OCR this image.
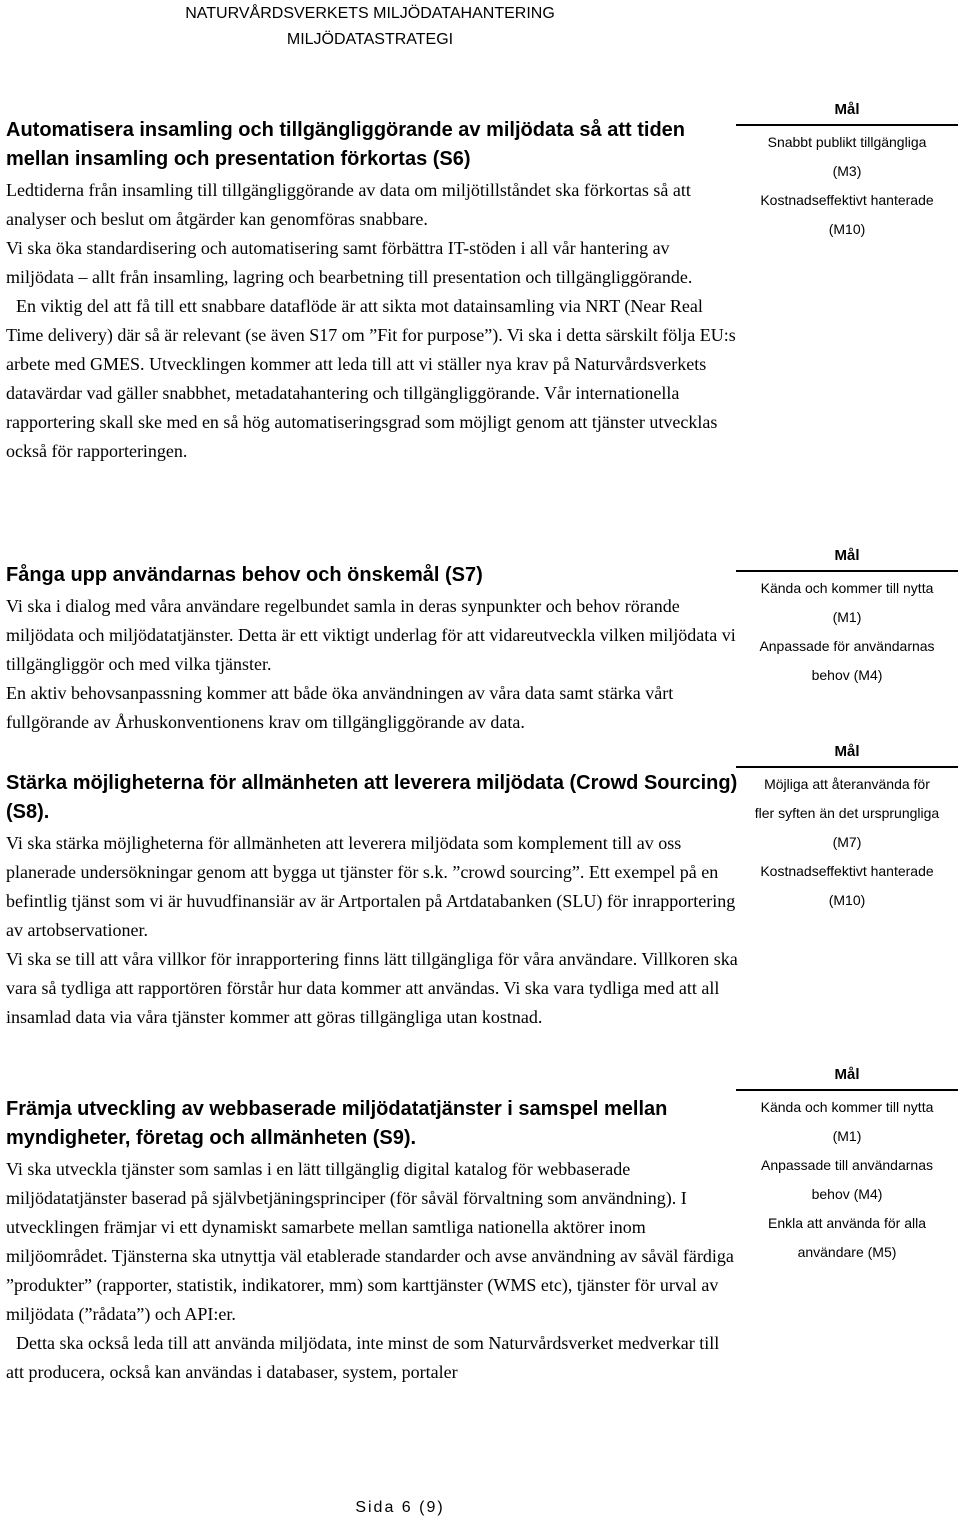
NATURVÅRDSVERKETS MILJÖDATAHANTERING
MILJÖDATASTRATEGI
Automatisera insamling och tillgängliggörande av miljödata så att tiden mellan insamling och presentation förkortas (S6)

Ledtiderna från insamling till tillgängliggörande av data om miljötillståndet ska förkortas så att analyser och beslut om åtgärder kan genomföras snabbare.

Vi ska öka standardisering och automatisering samt förbättra IT-stöden i all vår hantering av miljödata – allt från insamling, lagring och bearbetning till presentation och tillgängliggörande.

En viktig del att få till ett snabbare dataflöde är att sikta mot datainsamling via NRT (Near Real Time delivery) där så är relevant (se även S17 om ”Fit for purpose”). Vi ska i detta särskilt följa EU:s arbete med GMES. Utvecklingen kommer att leda till att vi ställer nya krav på Naturvårdsverkets datavärdar vad gäller snabbhet, metadatahantering och tillgängliggörande. Vår internationella rapportering skall ske med en så hög automatiseringsgrad som möjligt genom att tjänster utvecklas också för rapporteringen.

Fånga upp användarnas behov och önskemål (S7)

Vi ska i dialog med våra användare regelbundet samla in deras synpunkter och behov rörande miljödata och miljödatatjänster. Detta är ett viktigt underlag för att vidareutveckla vilken miljödata vi tillgängliggör och med vilka tjänster.

En aktiv behovsanpassning kommer att både öka användningen av våra data samt stärka vårt fullgörande av Århuskonventionens krav om tillgängliggörande av data.

Stärka möjligheterna för allmänheten att leverera miljödata (Crowd Sourcing) (S8).

Vi ska stärka möjligheterna för allmänheten att leverera miljödata som komplement till av oss planerade undersökningar genom att bygga ut tjänster för s.k. ”crowd sourcing”. Ett exempel på en befintlig tjänst som vi är huvudfinansiär av är Artportalen på Artdatabanken (SLU) för inrapportering av artobservationer.

Vi ska se till att våra villkor för inrapportering finns lätt tillgängliga för våra användare. Villkoren ska vara så tydliga att rapportören förstår hur data kommer att användas. Vi ska vara tydliga med att all insamlad data via våra tjänster kommer att göras tillgängliga utan kostnad.

Främja utveckling av webbaserade miljödatatjänster i samspel mellan myndigheter, företag och allmänheten (S9).

Vi ska utveckla tjänster som samlas i en lätt tillgänglig digital katalog för webbaserade miljödatatjänster baserad på självbetjäningsprinciper (för såväl förvaltning som användning). I utvecklingen främjar vi ett dynamiskt samarbete mellan samtliga nationella aktörer inom miljöområdet. Tjänsterna ska utnyttja väl etablerade standarder och avse användning av såväl färdiga ”produkter” (rapporter, statistik, indikatorer, mm) som karttjänster (WMS etc), tjänster för urval av miljödata (”rådata”) och API:er.

Detta ska också leda till att använda miljödata, inte minst de som Naturvårdsverket medverkar till att producera, också kan användas i databaser, system, portaler

Mål
Snabbt publikt tillgängliga (M3)
Kostnadseffektivt hanterade (M10)
Mål
Kända och kommer till nytta (M1)
Anpassade för användarnas behov (M4)
Mål
Möjliga att återanvända för fler syften än det ursprungliga (M7)
Kostnadseffektivt hanterade (M10)
Mål
Kända och kommer till nytta (M1)
Anpassade till användarnas behov (M4)
Enkla att använda för alla användare (M5)
Sida 6 (9)
